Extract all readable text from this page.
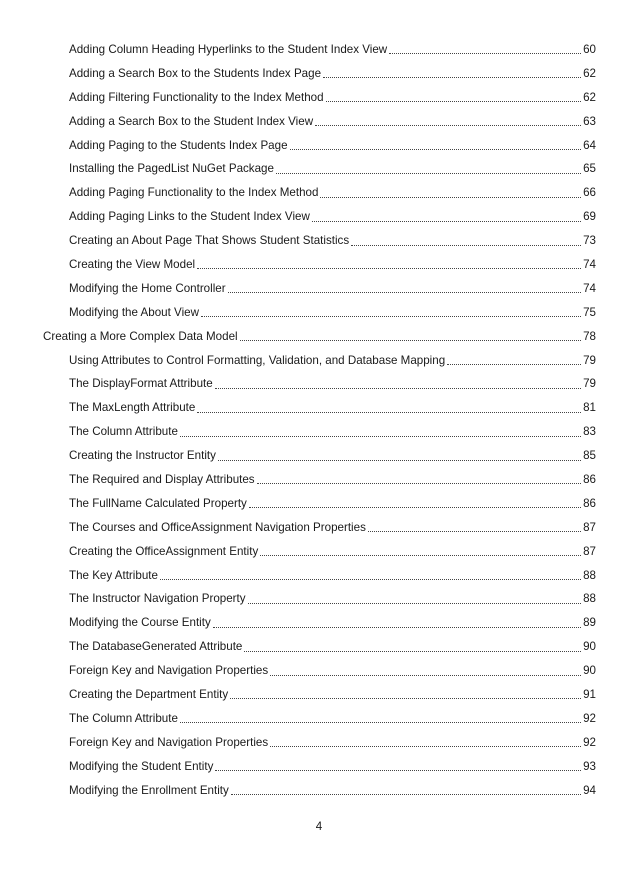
Adding Column Heading Hyperlinks to the Student Index View	60
Adding a Search Box to the Students Index Page	62
Adding Filtering Functionality to the Index Method	62
Adding a Search Box to the Student Index View	63
Adding Paging to the Students Index Page	64
Installing the PagedList NuGet Package	65
Adding Paging Functionality to the Index Method	66
Adding Paging Links to the Student Index View	69
Creating an About Page That Shows Student Statistics	73
Creating the View Model	74
Modifying the Home Controller	74
Modifying the About View	75
Creating a More Complex Data Model	78
Using Attributes to Control Formatting, Validation, and Database Mapping	79
The DisplayFormat Attribute	79
The MaxLength Attribute	81
The Column Attribute	83
Creating the Instructor Entity	85
The Required and Display Attributes	86
The FullName Calculated Property	86
The Courses and OfficeAssignment Navigation Properties	87
Creating the OfficeAssignment Entity	87
The Key Attribute	88
The Instructor Navigation Property	88
Modifying the Course Entity	89
The DatabaseGenerated Attribute	90
Foreign Key and Navigation Properties	90
Creating the Department Entity	91
The Column Attribute	92
Foreign Key and Navigation Properties	92
Modifying the Student Entity	93
Modifying the Enrollment Entity	94
4
